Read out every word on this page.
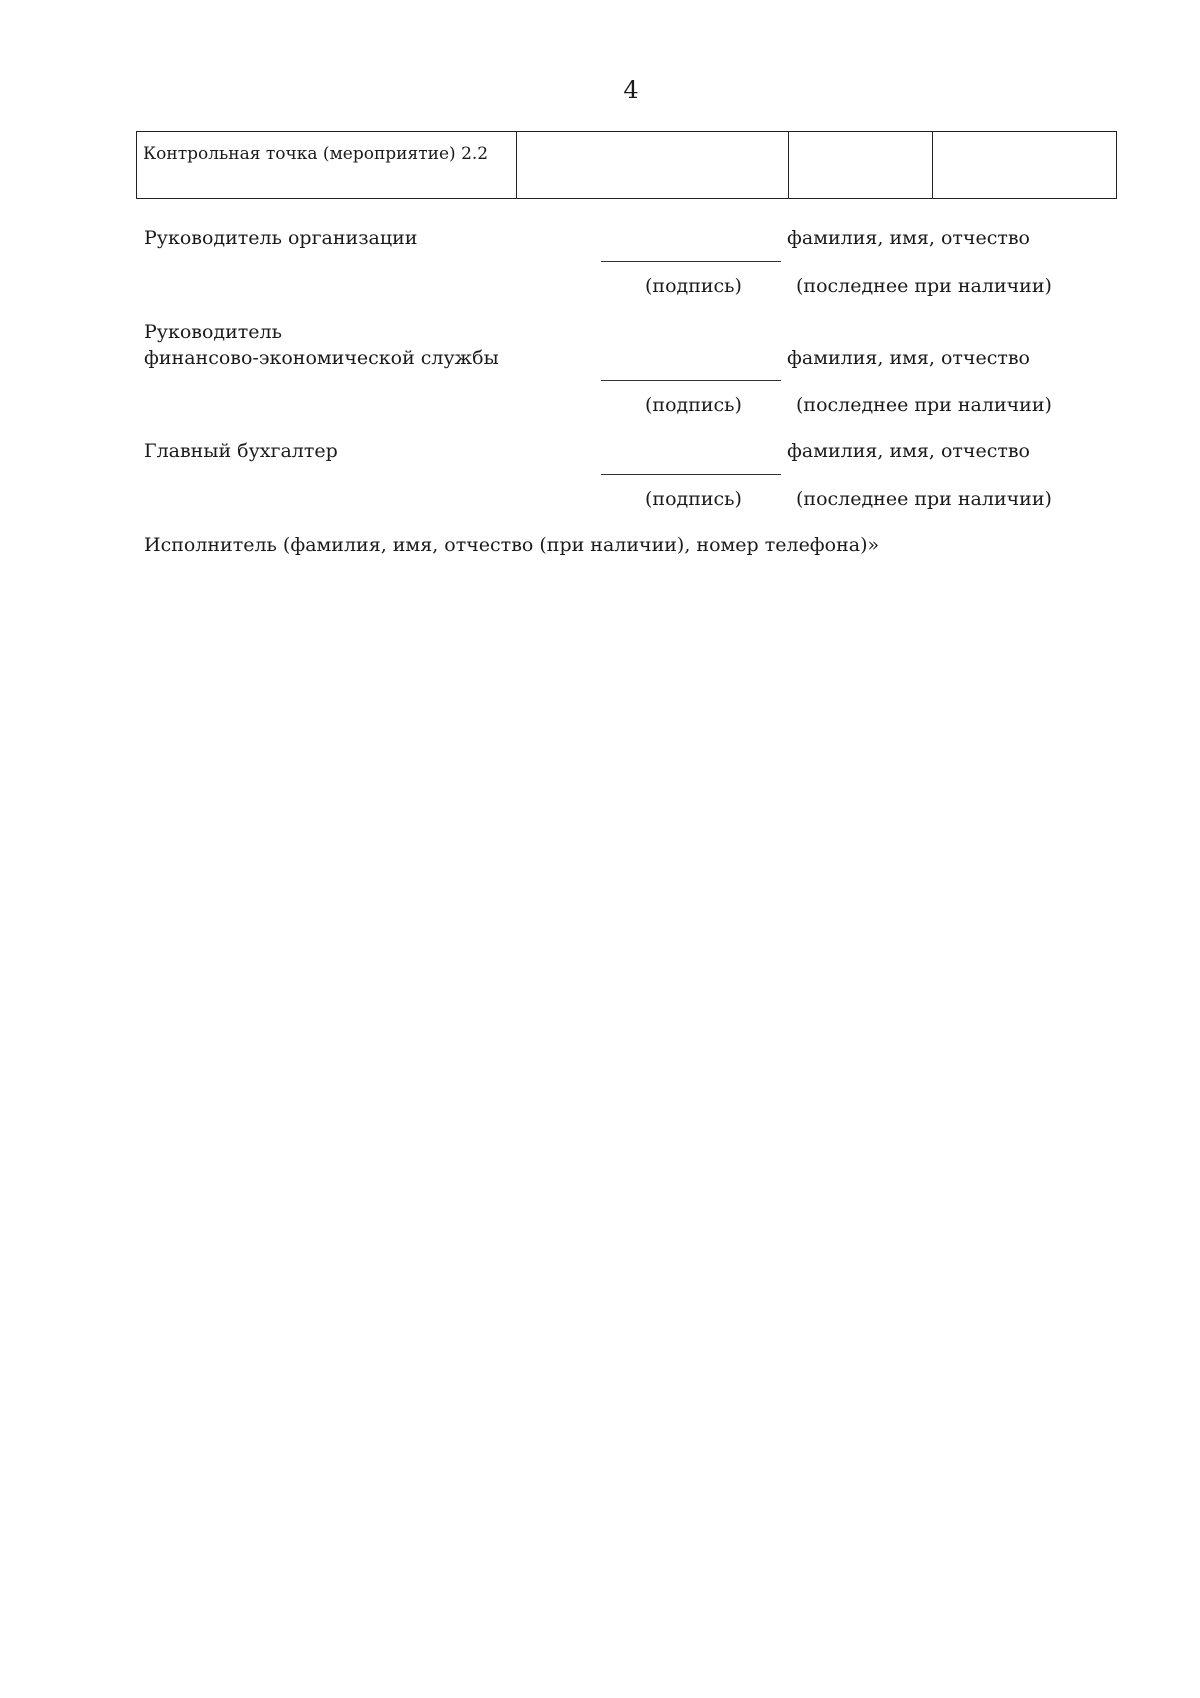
4
Контрольная точка (мероприятие) 2.2			
Руководитель организации	фамилия, имя, отчество
(подпись)	(последнее при наличии)
Руководитель
финансово-экономической службы	фамилия, имя, отчество
(подпись)	(последнее при наличии)
Главный бухгалтер	фамилия, имя, отчество
(подпись)	(последнее при наличии)
Исполнитель (фамилия, имя, отчество (при наличии), номер телефона)»
